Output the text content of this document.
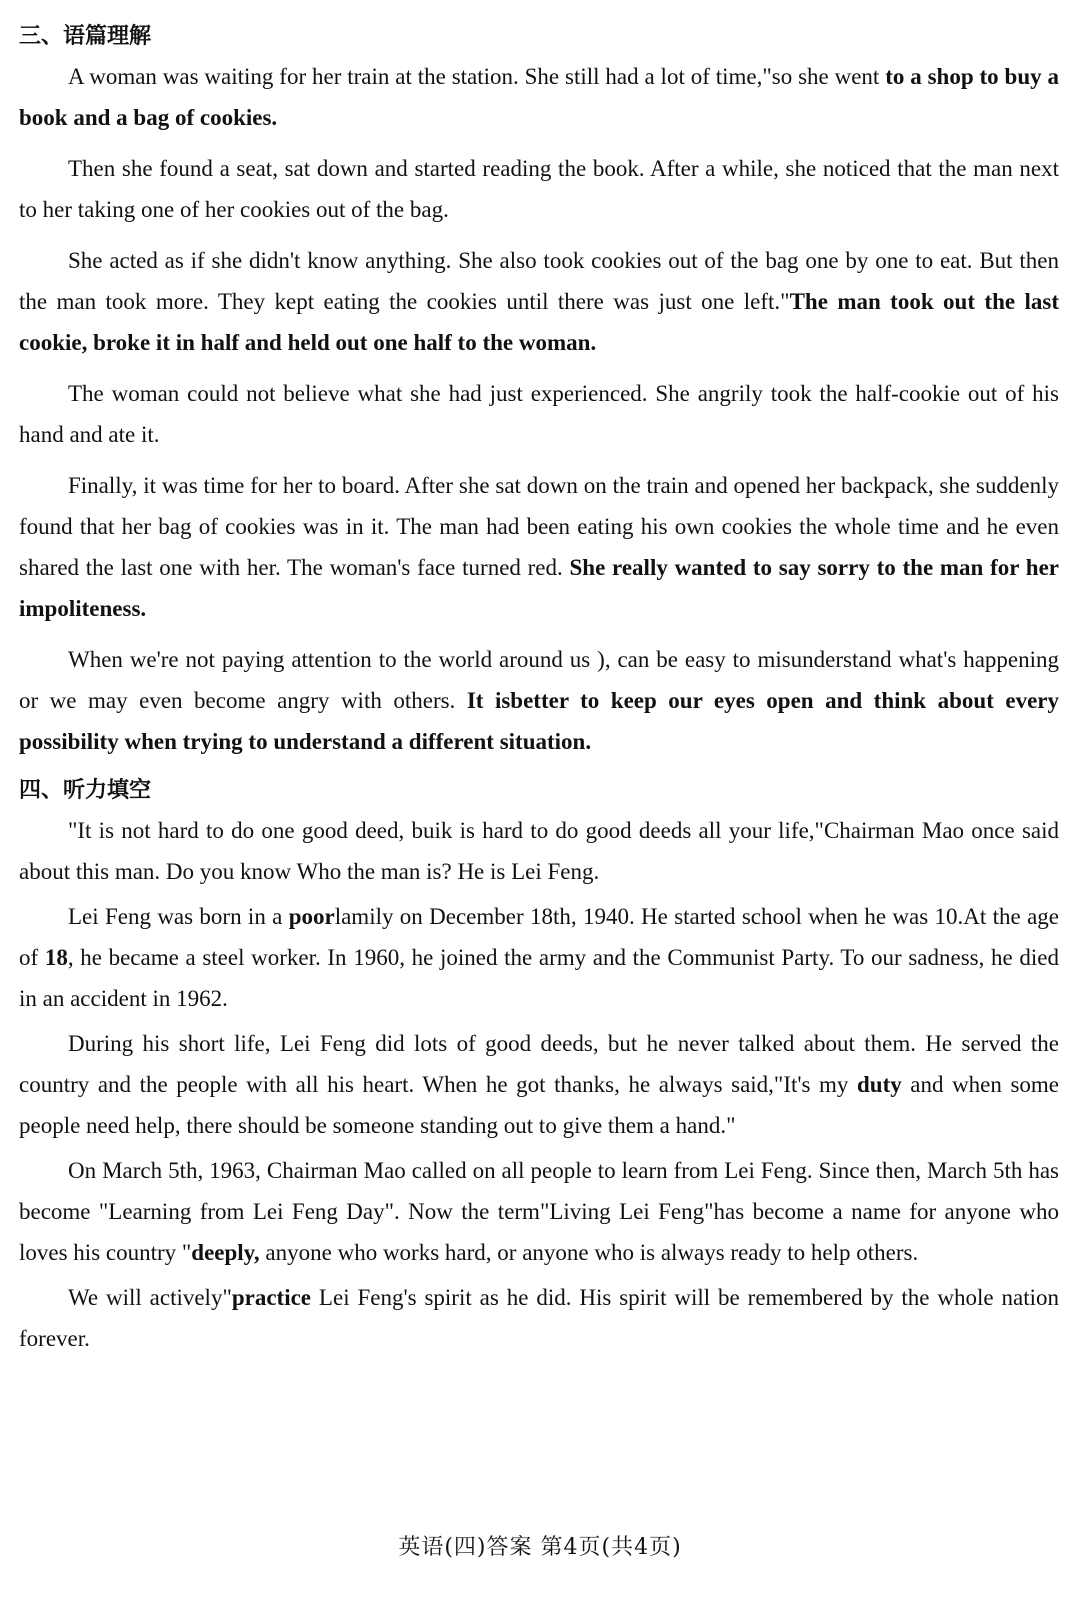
三、语篇理解

A woman was waiting for her train at the station. She still had a lot of time,"so she went to a shop to buy a book and a bag of cookies.

Then she found a seat, sat down and started reading the book. After a while, she noticed that the man next to her taking one of her cookies out of the bag.

She acted as if she didn't know anything. She also took cookies out of the bag one by one to eat. But then the man took more. They kept eating the cookies until there was just one left."The man took out the last cookie, broke it in half and held out one half to the woman.

The woman could not believe what she had just experienced. She angrily took the half-cookie out of his hand and ate it.

Finally, it was time for her to board. After she sat down on the train and opened her backpack, she suddenly found that her bag of cookies was in it. The man had been eating his own cookies the whole time and he even shared the last one with her. The woman's face turned red. She really wanted to say sorry to the man for her impoliteness.

When we're not paying attention to the world around us ), can be easy to misunderstand what's happening or we may even become angry with others. It isbetter to keep our eyes open and think about every possibility when trying to understand a different situation.

四、听力填空

"It is not hard to do one good deed, buik is hard to do good deeds all your life,"Chairman Mao once said about this man. Do you know Who the man is? He is Lei Feng.

Lei Feng was born in a poorlamily on December 18th, 1940. He started school when he was 10.At the age of 18, he became a steel worker. In 1960, he joined the army and the Communist Party. To our sadness, he died in an accident in 1962.

During his short life, Lei Feng did lots of good deeds, but he never talked about them. He served the country and the people with all his heart. When he got thanks, he always said,"It's my duty and when some people need help, there should be someone standing out to give them a hand."

On March 5th, 1963, Chairman Mao called on all people to learn from Lei Feng. Since then, March 5th has become "Learning from Lei Feng Day". Now the term"Living Lei Feng"has become a name for anyone who loves his country "deeply, anyone who works hard, or anyone who is always ready to help others.

We will actively"practice Lei Feng's spirit as he did. His spirit will be remembered by the whole nation forever.

英语(四)答案 第4页(共4页)
